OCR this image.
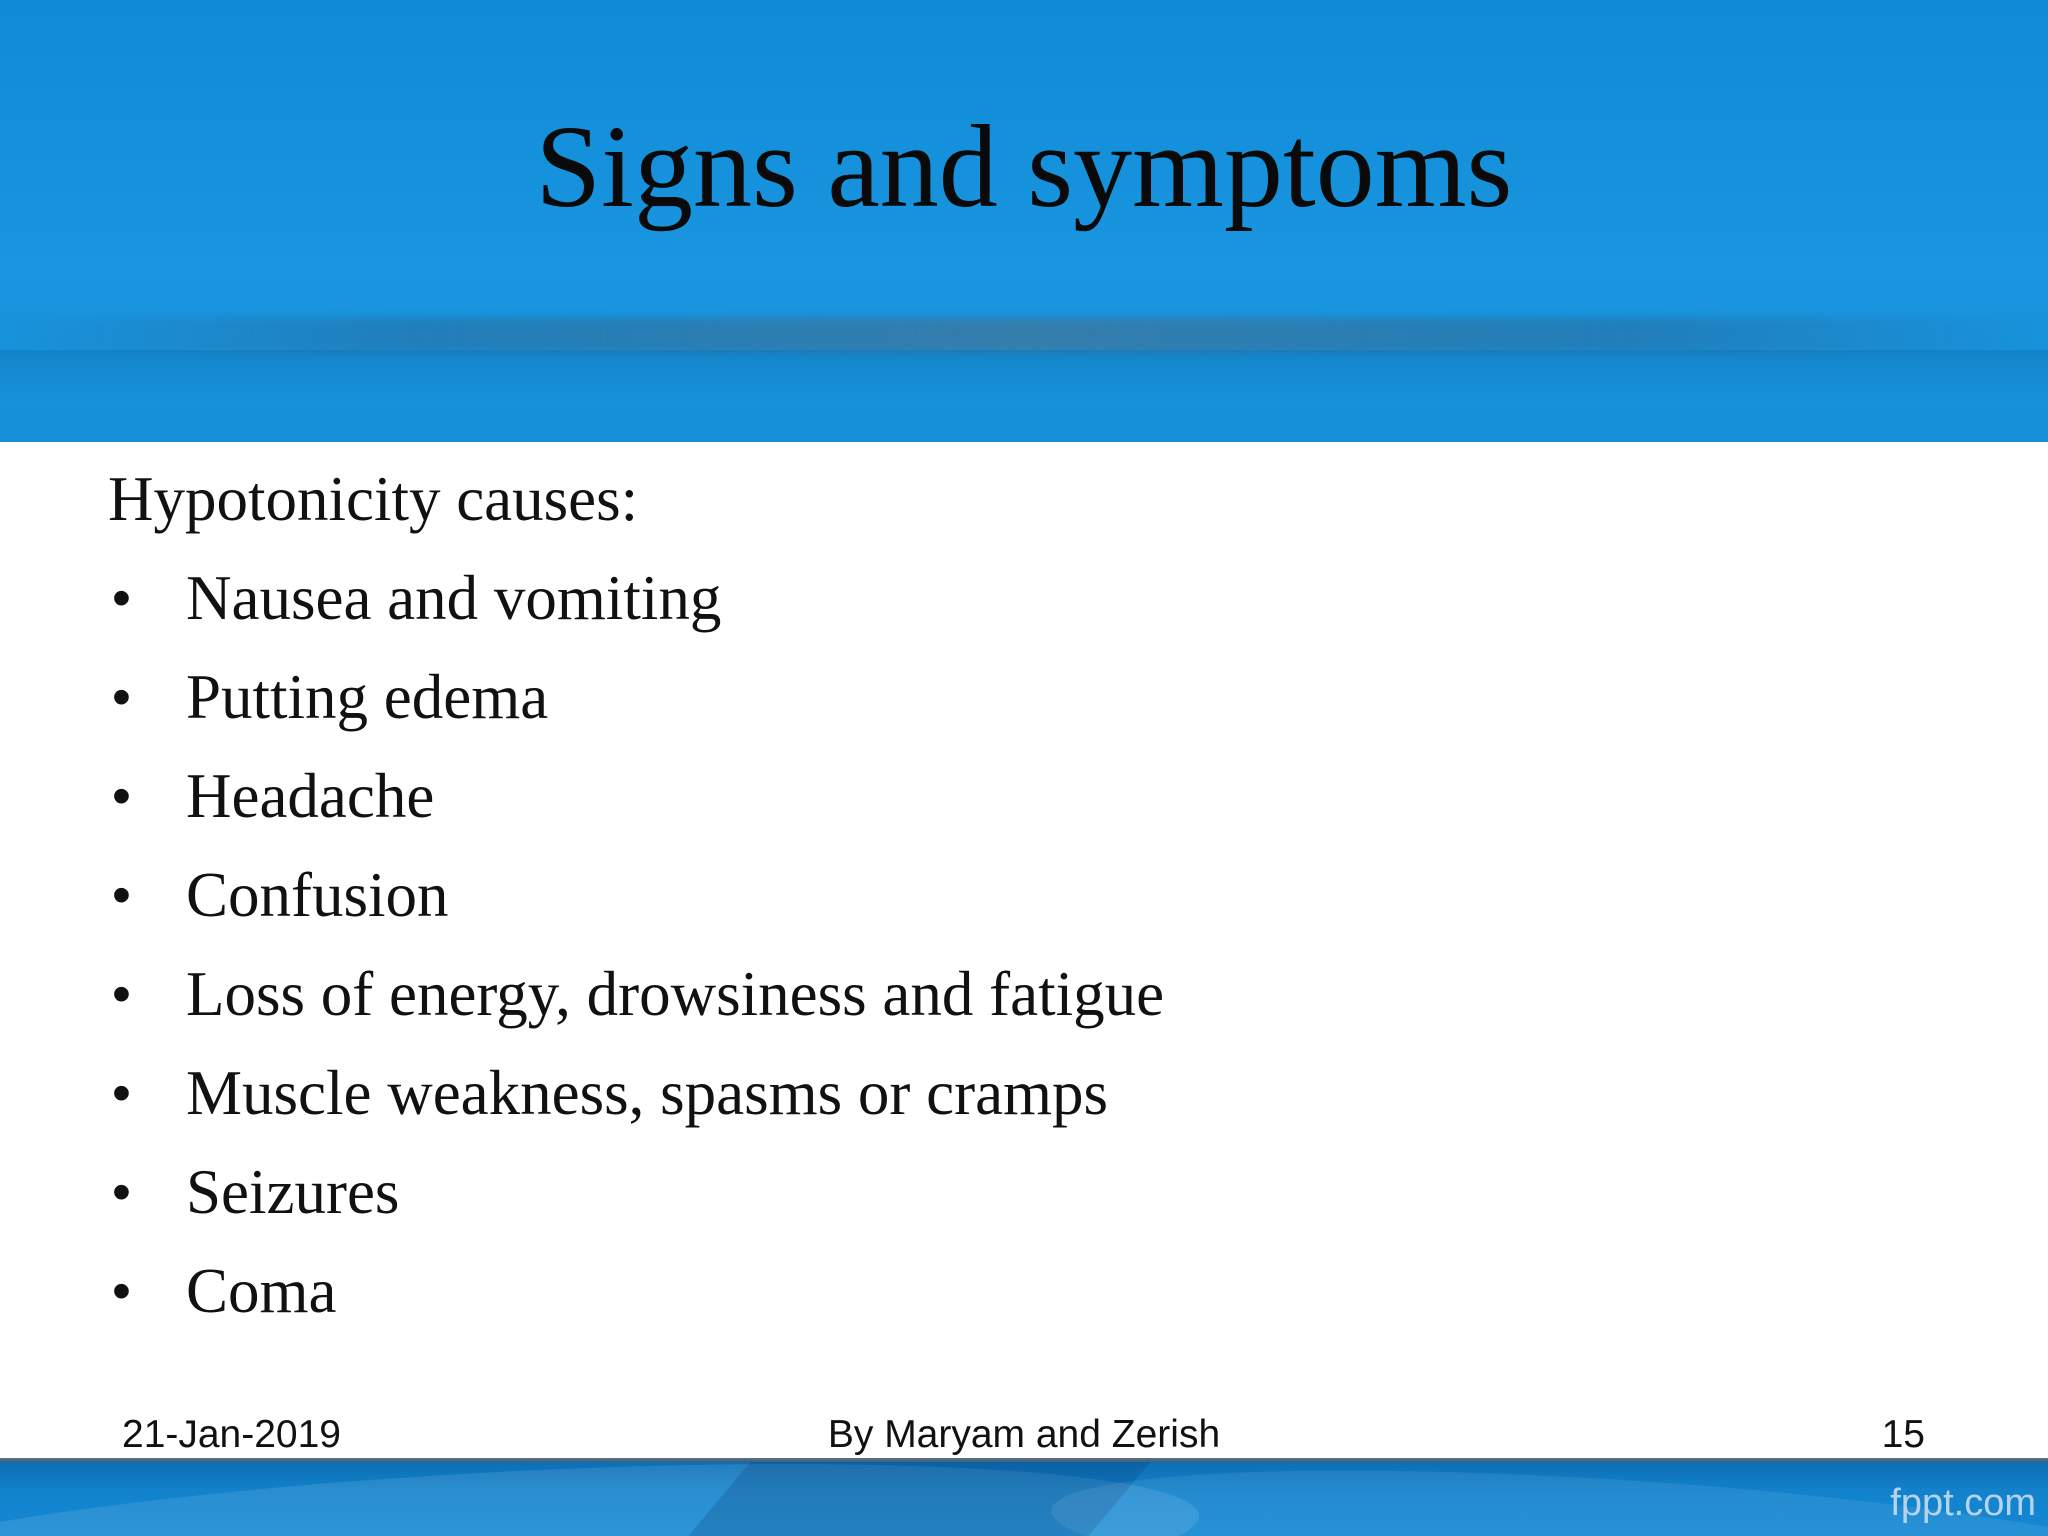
Signs and symptoms
Hypotonicity causes:
• Nausea and vomiting
• Putting edema
• Headache
• Confusion
• Loss of energy, drowsiness and fatigue
• Muscle weakness, spasms or cramps
• Seizures
• Coma
21-Jan-2019	By Maryam and Zerish	15
fppt.com
